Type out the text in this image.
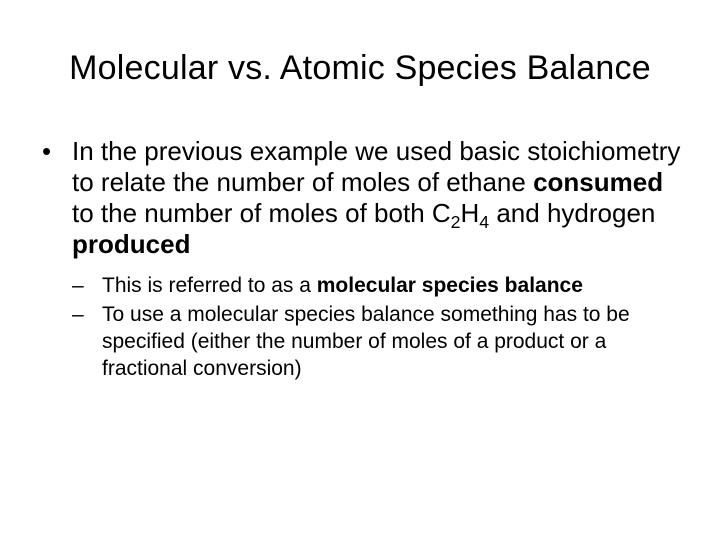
Molecular vs. Atomic Species Balance

• In the previous example we used basic stoichiometry to relate the number of moles of ethane consumed to the number of moles of both $C_2H_4$ and hydrogen produced

– This is referred to as a molecular species balance

– To use a molecular species balance something has to be specified (either the number of moles of a product or a fractional conversion)
